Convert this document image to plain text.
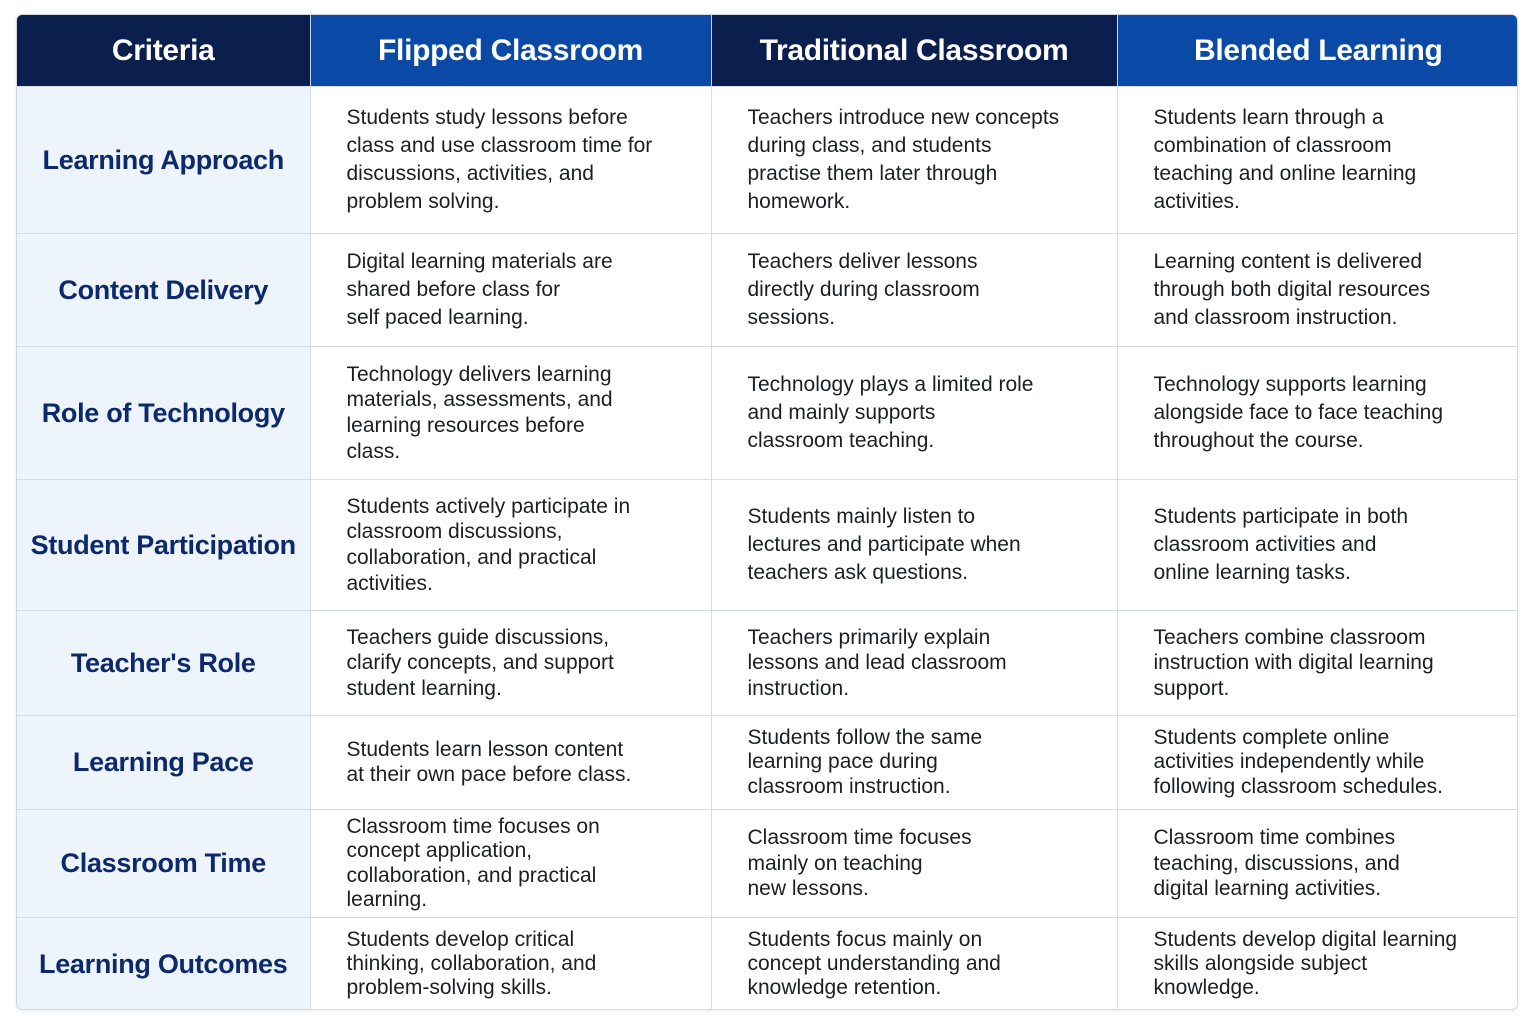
Criteria	Flipped Classroom	Traditional Classroom	Blended Learning
Learning Approach	Students study lessons before
class and use classroom time for
discussions, activities, and
problem solving.	Teachers introduce new concepts
during class, and students
practise them later through
homework.	Students learn through a
combination of classroom
teaching and online learning
activities.
Content Delivery	Digital learning materials are
shared before class for
self paced learning.	Teachers deliver lessons
directly during classroom
sessions.	Learning content is delivered
through both digital resources
and classroom instruction.
Role of Technology	Technology delivers learning
materials, assessments, and
learning resources before
class.	Technology plays a limited role
and mainly supports
classroom teaching.	Technology supports learning
alongside face to face teaching
throughout the course.
Student Participation	Students actively participate in
classroom discussions,
collaboration, and practical
activities.	Students mainly listen to
lectures and participate when
teachers ask questions.	Students participate in both
classroom activities and
online learning tasks.
Teacher's Role	Teachers guide discussions,
clarify concepts, and support
student learning.	Teachers primarily explain
lessons and lead classroom
instruction.	Teachers combine classroom
instruction with digital learning
support.
Learning Pace	Students learn lesson content
at their own pace before class.	Students follow the same
learning pace during
classroom instruction.	Students complete online
activities independently while
following classroom schedules.
Classroom Time	Classroom time focuses on
concept application,
collaboration, and practical
learning.	Classroom time focuses
mainly on teaching
new lessons.	Classroom time combines
teaching, discussions, and
digital learning activities.
Learning Outcomes	Students develop critical
thinking, collaboration, and
problem-solving skills.	Students focus mainly on
concept understanding and
knowledge retention.	Students develop digital learning
skills alongside subject
knowledge.
